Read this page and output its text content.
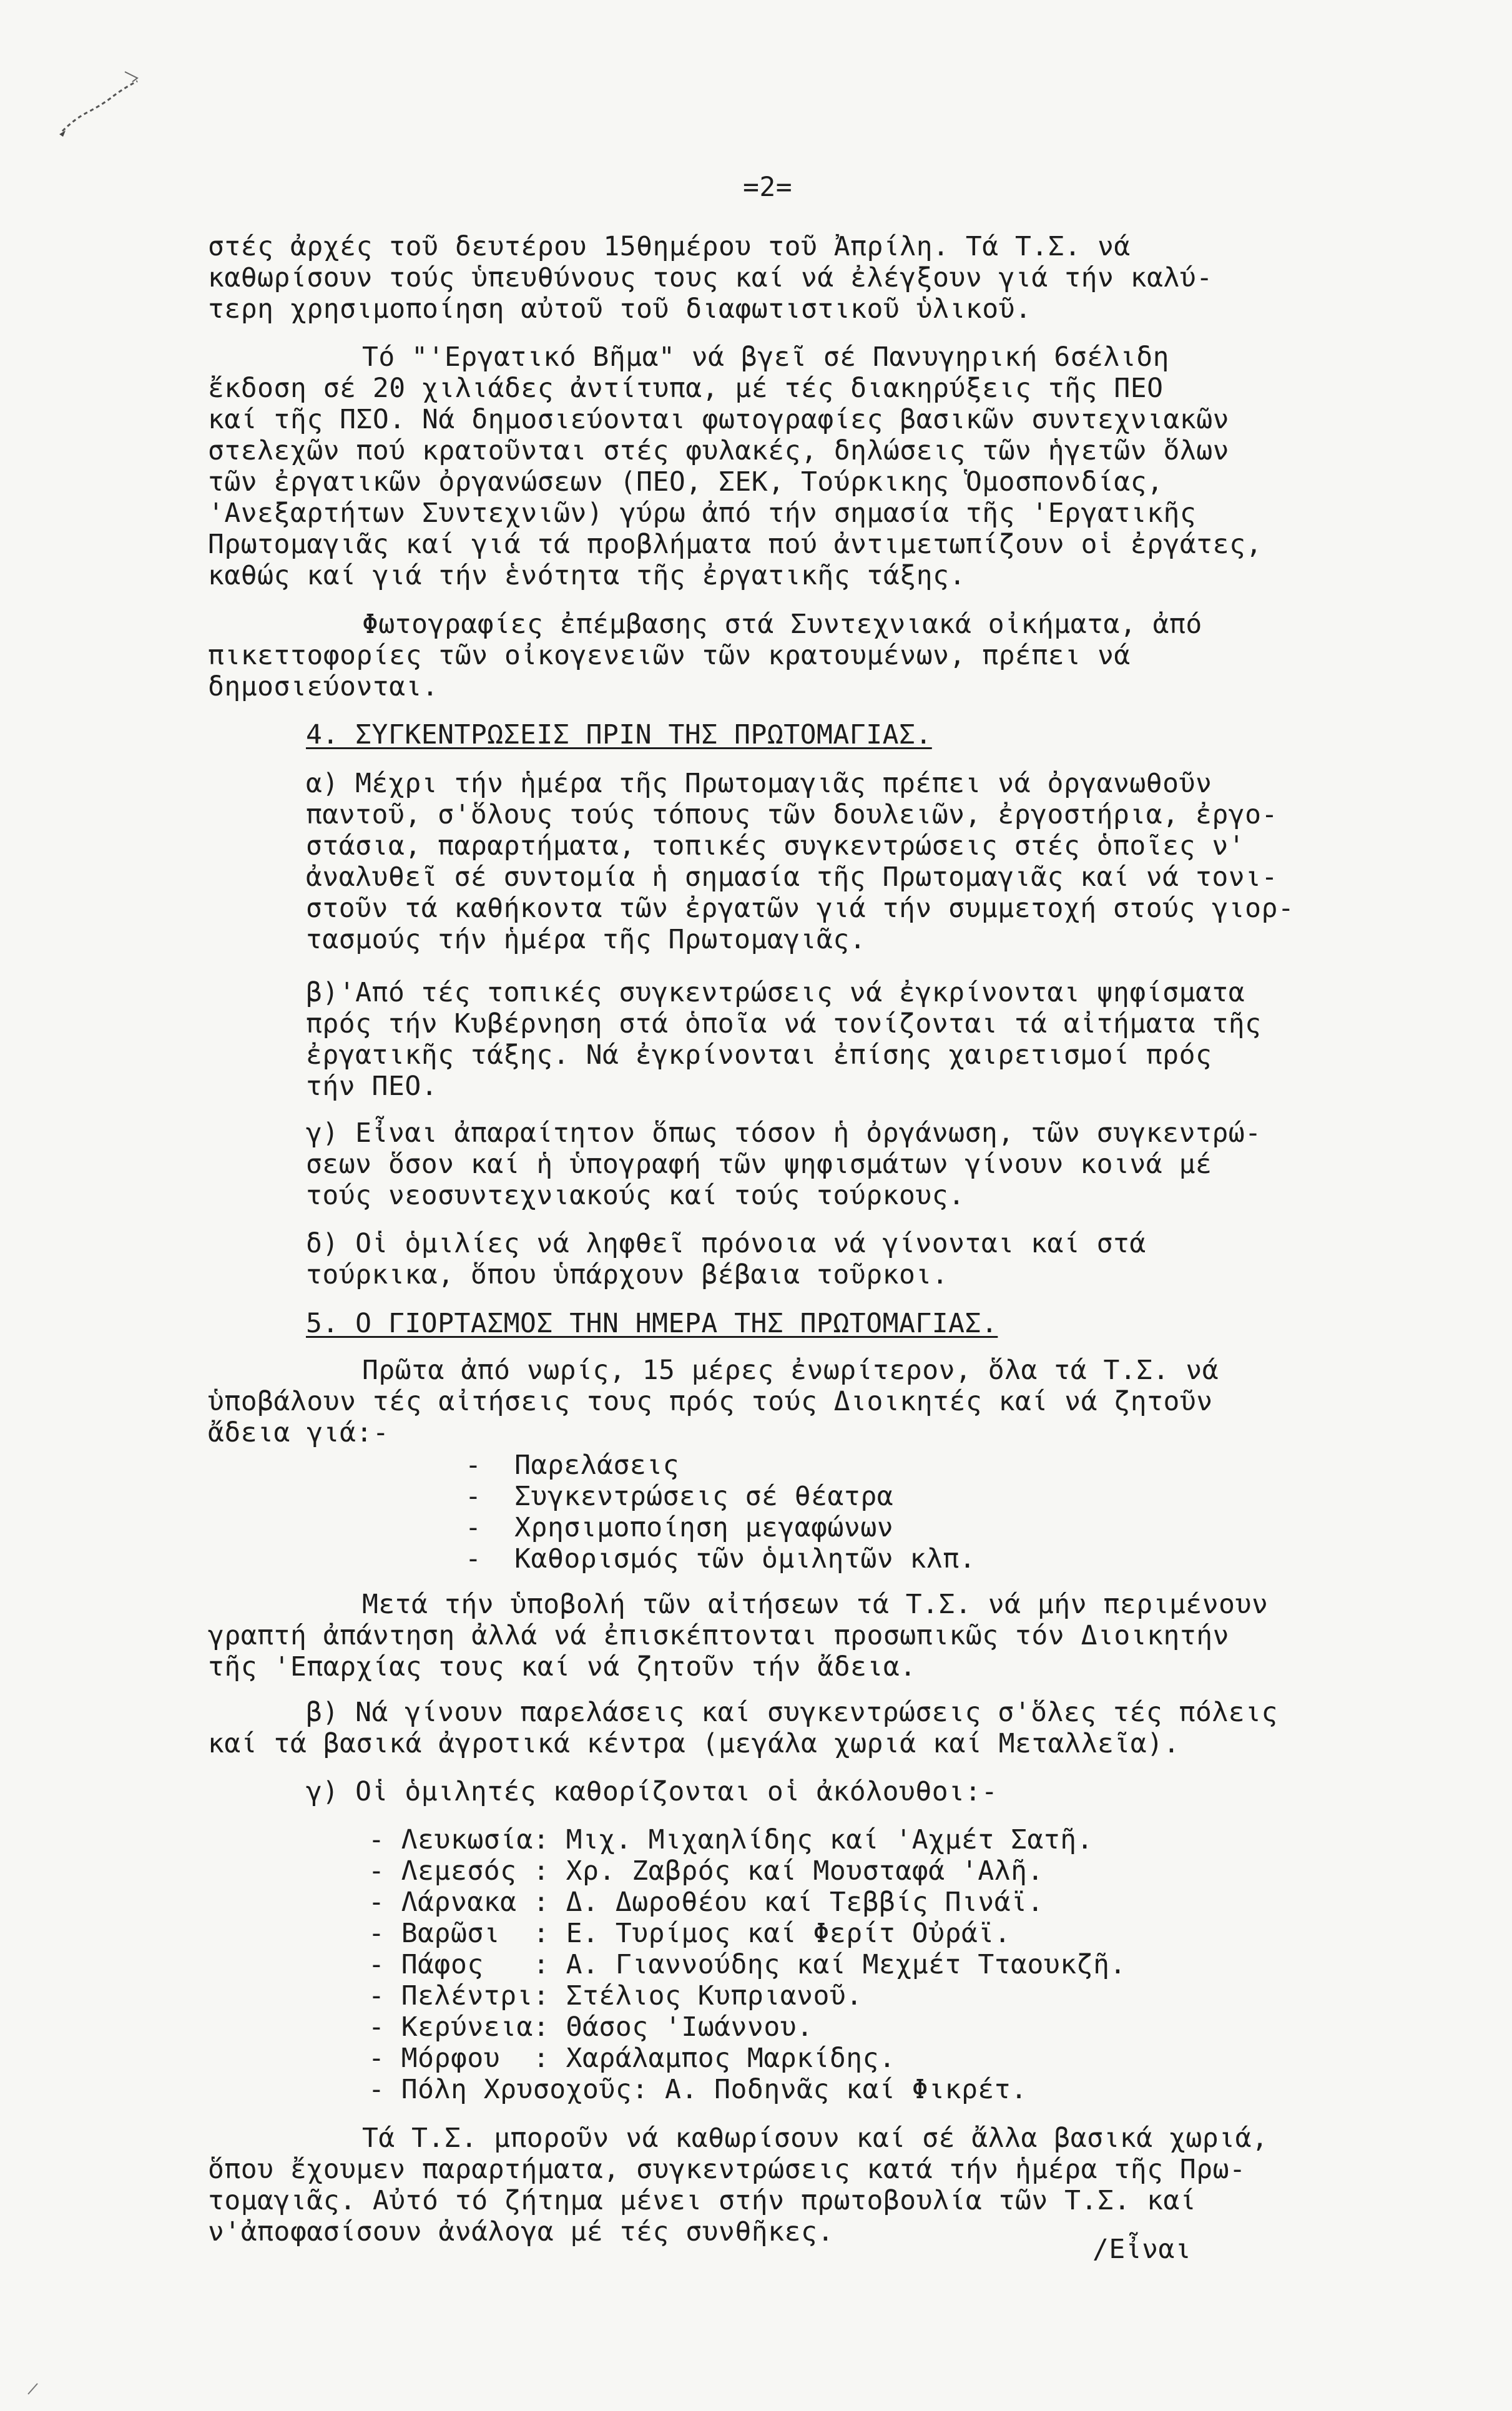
=2=
στές ἀρχές τοῦ δευτέρου 15θημέρου τοῦ Ἀπρίλη. Τά Τ.Σ. νά
καθωρίσουν τούς ὑπευθύνους τους καί νά ἐλέγξουν γιά τήν καλύ-
τερη χρησιμοποίηση αὐτοῦ τοῦ διαφωτιστικοῦ ὑλικοῦ.
Τό "'Εργατικό Βῆμα" νά βγεῖ σέ Πανυγηρική 6σέλιδη
ἔκδοση σέ 20 χιλιάδες ἀντίτυπα, μέ τές διακηρύξεις τῆς ΠΕΟ
καί τῆς ΠΣΟ. Νά δημοσιεύονται φωτογραφίες βασικῶν συντεχνιακῶν
στελεχῶν πού κρατοῦνται στές φυλακές, δηλώσεις τῶν ἡγετῶν ὅλων
τῶν ἐργατικῶν ὀργανώσεων (ΠΕΟ, ΣΕΚ, Τούρκικης Ὁμοσπονδίας,
'Ανεξαρτήτων Συντεχνιῶν) γύρω ἀπό τήν σημασία τῆς 'Εργατικῆς
Πρωτομαγιᾶς καί γιά τά προβλήματα πού ἀντιμετωπίζουν οἱ ἐργάτες,
καθώς καί γιά τήν ἑνότητα τῆς ἐργατικῆς τάξης.
Φωτογραφίες ἐπέμβασης στά Συντεχνιακά οἰκήματα, ἀπό
πικεττοφορίες τῶν οἰκογενειῶν τῶν κρατουμένων, πρέπει νά
δημοσιεύονται.
4. ΣΥΓΚΕΝΤΡΩΣΕΙΣ ΠΡΙΝ ΤΗΣ ΠΡΩΤΟΜΑΓΙΑΣ.
α) Μέχρι τήν ἡμέρα τῆς Πρωτομαγιᾶς πρέπει νά ὀργανωθοῦν
παντοῦ, σ'ὅλους τούς τόπους τῶν δουλειῶν, ἐργοστήρια, ἐργο-
στάσια, παραρτήματα, τοπικές συγκεντρώσεις στές ὁποῖες ν'
ἀναλυθεῖ σέ συντομία ἡ σημασία τῆς Πρωτομαγιᾶς καί νά τονι-
στοῦν τά καθήκοντα τῶν ἐργατῶν γιά τήν συμμετοχή στούς γιορ-
τασμούς τήν ἡμέρα τῆς Πρωτομαγιᾶς.
β)'Από τές τοπικές συγκεντρώσεις νά ἐγκρίνονται ψηφίσματα
πρός τήν Κυβέρνηση στά ὁποῖα νά τονίζονται τά αἰτήματα τῆς
ἐργατικῆς τάξης. Νά ἐγκρίνονται ἐπίσης χαιρετισμοί πρός
τήν ΠΕΟ.
γ) Εἶναι ἀπαραίτητον ὅπως τόσον ἡ ὀργάνωση, τῶν συγκεντρώ-
σεων ὅσον καί ἡ ὑπογραφή τῶν ψηφισμάτων γίνουν κοινά μέ
τούς νεοσυντεχνιακούς καί τούς τούρκους.
δ) Οἱ ὁμιλίες νά ληφθεῖ πρόνοια νά γίνονται καί στά
τούρκικα, ὅπου ὑπάρχουν βέβαια τοῦρκοι.
5. Ο ΓΙΟΡΤΑΣΜΟΣ ΤΗΝ ΗΜΕΡΑ ΤΗΣ ΠΡΩΤΟΜΑΓΙΑΣ.
Πρῶτα ἀπό νωρίς, 15 μέρες ἐνωρίτερον, ὅλα τά Τ.Σ. νά
ὑποβάλουν τές αἰτήσεις τους πρός τούς Διοικητές καί νά ζητοῦν
ἄδεια γιά:-
-  Παρελάσεις
-  Συγκεντρώσεις σέ θέατρα
-  Χρησιμοποίηση μεγαφώνων
-  Καθορισμός τῶν ὁμιλητῶν κλπ.
Μετά τήν ὑποβολή τῶν αἰτήσεων τά Τ.Σ. νά μήν περιμένουν
γραπτή ἀπάντηση ἀλλά νά ἐπισκέπτονται προσωπικῶς τόν Διοικητήν
τῆς 'Επαρχίας τους καί νά ζητοῦν τήν ἄδεια.
β) Νά γίνουν παρελάσεις καί συγκεντρώσεις σ'ὅλες τές πόλεις
καί τά βασικά ἀγροτικά κέντρα (μεγάλα χωριά καί Μεταλλεῖα).
γ) Οἱ ὁμιλητές καθορίζονται οἱ ἀκόλουθοι:-
- Λευκωσία: Μιχ. Μιχαηλίδης καί 'Αχμέτ Σατῆ.
- Λεμεσός : Χρ. Ζαβρός καί Μουσταφά 'Αλῆ.
- Λάρνακα : Δ. Δωροθέου καί Τεββίς Πινάϊ.
- Βαρῶσι  : Ε. Τυρίμος καί Φερίτ Οὐράϊ.
- Πάφος   : Α. Γιαννούδης καί Μεχμέτ Τταουκζῆ.
- Πελέντρι: Στέλιος Κυπριανοῦ.
- Κερύνεια: Θάσος 'Ιωάννου.
- Μόρφου  : Χαράλαμπος Μαρκίδης.
- Πόλη Χρυσοχοῦς: Α. Ποδηνᾶς καί Φικρέτ.
Τά Τ.Σ. μποροῦν νά καθωρίσουν καί σέ ἄλλα βασικά χωριά,
ὅπου ἔχουμεν παραρτήματα, συγκεντρώσεις κατά τήν ἡμέρα τῆς Πρω-
τομαγιᾶς. Αὐτό τό ζήτημα μένει στήν πρωτοβουλία τῶν Τ.Σ. καί
ν'ἀποφασίσουν ἀνάλογα μέ τές συνθῆκες.
/Εἶναι
